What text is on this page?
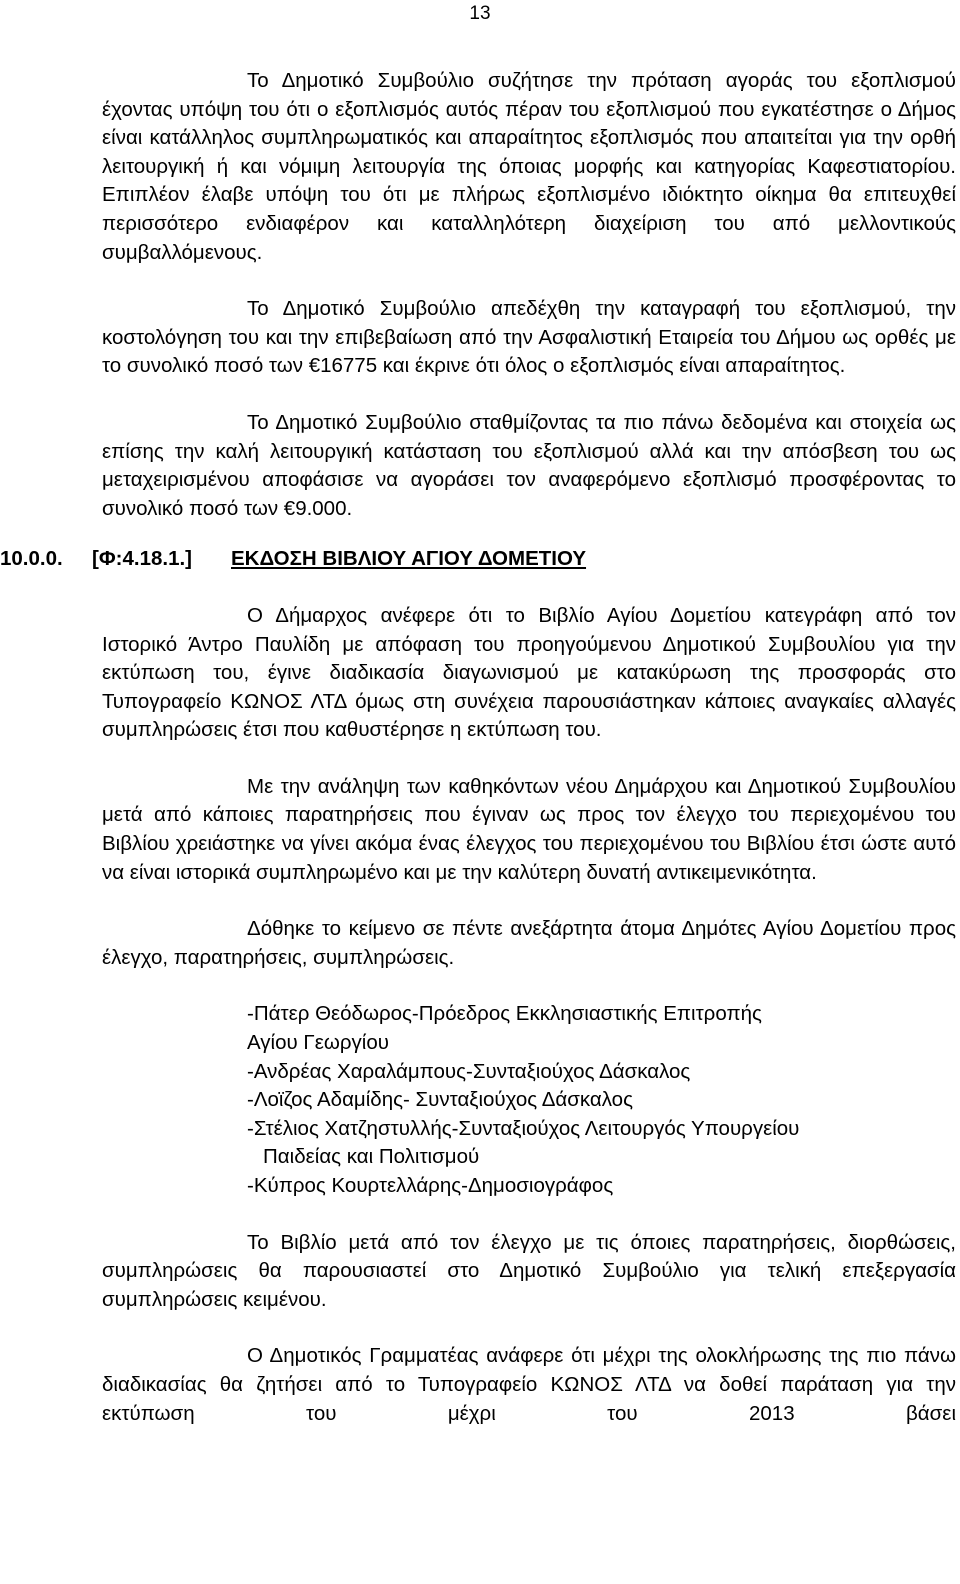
13

Το Δημοτικό Συμβούλιο συζήτησε την πρόταση αγοράς του εξοπλισμού έχοντας υπόψη του ότι ο εξοπλισμός αυτός πέραν του εξοπλισμού που εγκατέστησε ο Δήμος είναι κατάλληλος συμπληρωματικός και απαραίτητος εξοπλισμός που απαιτείται για την ορθή λειτουργική ή και νόμιμη λειτουργία της όποιας μορφής και κατηγορίας Καφεστιατορίου. Επιπλέον έλαβε υπόψη του ότι με πλήρως εξοπλισμένο ιδιόκτητο οίκημα θα επιτευχθεί περισσότερο ενδιαφέρον και καταλληλότερη διαχείριση του από μελλοντικούς συμβαλλόμενους.

Το Δημοτικό Συμβούλιο απεδέχθη την καταγραφή του εξοπλισμού, την κοστολόγηση του και την επιβεβαίωση από την Ασφαλιστική Εταιρεία του Δήμου ως ορθές με το συνολικό ποσό των €16775 και έκρινε ότι όλος ο εξοπλισμός είναι απαραίτητος.

Το Δημοτικό Συμβούλιο σταθμίζοντας τα πιο πάνω δεδομένα και στοιχεία ως επίσης την καλή λειτουργική κατάσταση του εξοπλισμού αλλά και την απόσβεση του ως μεταχειρισμένου αποφάσισε να αγοράσει τον αναφερόμενο εξοπλισμό προσφέροντας το συνολικό ποσό των €9.000.

10.0.0. [Φ:4.18.1.] ΕΚΔΟΣΗ ΒΙΒΛΙΟΥ ΑΓΙΟΥ ΔΟΜΕΤΙΟΥ

Ο Δήμαρχος ανέφερε ότι το Βιβλίο Αγίου Δομετίου κατεγράφη από τον Ιστορικό Άντρο Παυλίδη με απόφαση του προηγούμενου Δημοτικού Συμβουλίου για την εκτύπωση του, έγινε διαδικασία διαγωνισμού με κατακύρωση της προσφοράς στο Τυπογραφείο ΚΩΝΟΣ ΛΤΔ όμως στη συνέχεια παρουσιάστηκαν κάποιες αναγκαίες αλλαγές συμπληρώσεις έτσι που καθυστέρησε η εκτύπωση του.

Με την ανάληψη των καθηκόντων νέου Δημάρχου και Δημοτικού Συμβουλίου μετά από κάποιες παρατηρήσεις που έγιναν ως προς τον έλεγχο του περιεχομένου του Βιβλίου χρειάστηκε να γίνει ακόμα ένας έλεγχος του περιεχομένου του Βιβλίου έτσι ώστε αυτό να είναι ιστορικά συμπληρωμένο και με την καλύτερη δυνατή αντικειμενικότητα.

Δόθηκε το κείμενο σε πέντε ανεξάρτητα άτομα Δημότες Αγίου Δομετίου προς έλεγχο, παρατηρήσεις, συμπληρώσεις.

-Πάτερ Θεόδωρος-Πρόεδρος Εκκλησιαστικής Επιτροπής
Αγίου Γεωργίου
-Ανδρέας Χαραλάμπους-Συνταξιούχος Δάσκαλος
-Λοϊζος Αδαμίδης- Συνταξιούχος Δάσκαλος
-Στέλιος Χατζηστυλλής-Συνταξιούχος Λειτουργός Υπουργείου
Παιδείας και Πολιτισμού
-Κύπρος Κουρτελλάρης-Δημοσιογράφος

Το Βιβλίο μετά από τον έλεγχο με τις όποιες παρατηρήσεις, διορθώσεις, συμπληρώσεις θα παρουσιαστεί στο Δημοτικό Συμβούλιο για τελική επεξεργασία συμπληρώσεις κειμένου.

Ο Δημοτικός Γραμματέας ανάφερε ότι μέχρι της ολοκλήρωσης της πιο πάνω διαδικασίας θα ζητήσει από το Τυπογραφείο ΚΩΝΟΣ ΛΤΔ να δοθεί παράταση για την εκτύπωση του μέχρι του 2013 βάσει
